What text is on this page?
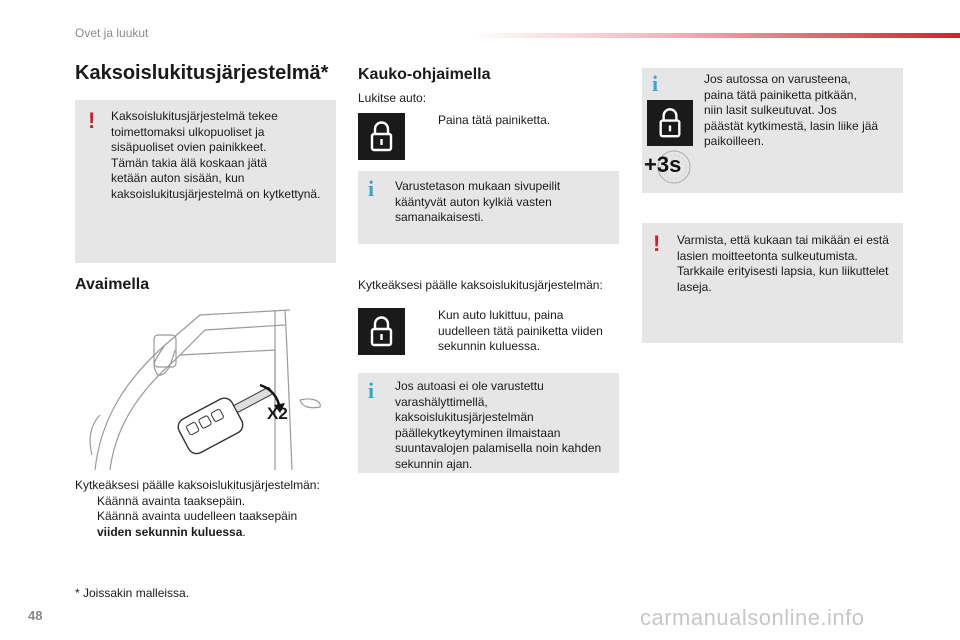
Ovet ja luukut
Kaksoislukitusjärjestelmä*
! Kaksoislukitusjärjestelmä tekee
toimettomaksi ulkopuoliset ja
sisäpuoliset ovien painikkeet.
Tämän takia älä koskaan jätä
ketään auton sisään, kun
kaksoislukitusjärjestelmä on kytkettynä.
Avaimella
X2
Kytkeäksesi päälle kaksoislukitusjärjestelmän:
Käännä avainta taaksepäin.
Käännä avainta uudelleen taaksepäin
viiden sekunnin kuluessa.
* Joissakin malleissa.
Kauko-ohjaimella
Lukitse auto:
Paina tätä painiketta.
i Varustetason mukaan sivupeilit
kääntyvät auton kylkiä vasten
samanaikaisesti.
Kytkeäksesi päälle kaksoislukitusjärjestelmän:
Kun auto lukittuu, paina
uudelleen tätä painiketta viiden
sekunnin kuluessa.
i Jos autoasi ei ole varustettu
varashälyttimellä,
kaksoislukitusjärjestelmän
päällekytkeytyminen ilmaistaan
suuntavalojen palamisella noin kahden
sekunnin ajan.
i
+3s
Jos autossa on varusteena,
paina tätä painiketta pitkään,
niin lasit sulkeutuvat. Jos
päästät kytkimestä, lasin liike jää
paikoilleen.
! Varmista, että kukaan tai mikään ei estä
lasien moitteetonta sulkeutumista.
Tarkkaile erityisesti lapsia, kun liikuttelet
laseja.
48	carmanualsonline.info
